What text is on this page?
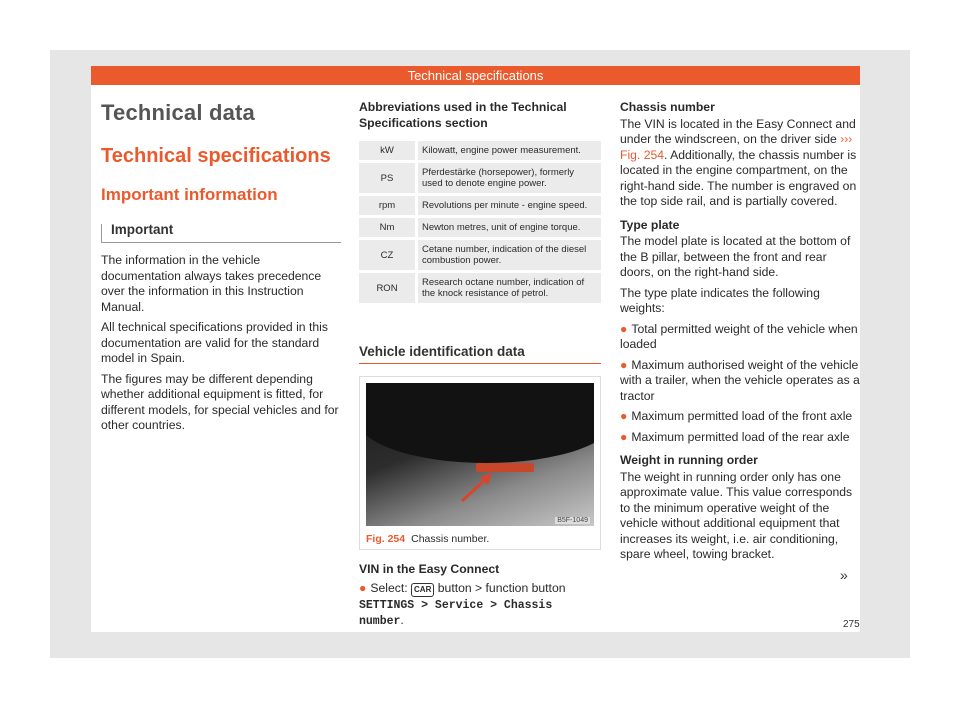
Technical specifications
Technical data
Technical specifications
Important information
Important

The information in the vehicle documentation always takes precedence over the information in this Instruction Manual.

All technical specifications provided in this documentation are valid for the standard model in Spain.

The figures may be different depending whether additional equipment is fitted, for different models, for special vehicles and for other countries.

Abbreviations used in the Technical Specifications section
kW	Kilowatt, engine power measurement.
PS	Pferdestärke (horsepower), formerly used to denote engine power.
rpm	Revolutions per minute - engine speed.
Nm	Newton metres, unit of engine torque.
CZ	Cetane number, indication of the diesel combustion power.
RON	Research octane number, indication of the knock resistance of petrol.
Vehicle identification data
B5F-1049
Fig. 254 Chassis number.

VIN in the Easy Connect

● Select: CAR button > function button SETTINGS > Service > Chassis number.

Chassis number

The VIN is located in the Easy Connect and under the windscreen, on the driver side ››› Fig. 254. Additionally, the chassis number is located in the engine compartment, on the right-hand side. The number is engraved on the top side rail, and is partially covered.

Type plate

The model plate is located at the bottom of the B pillar, between the front and rear doors, on the right-hand side.

The type plate indicates the following weights:

● Total permitted weight of the vehicle when loaded

● Maximum authorised weight of the vehicle with a trailer, when the vehicle operates as a tractor

● Maximum permitted load of the front axle

● Maximum permitted load of the rear axle

Weight in running order

The weight in running order only has one approximate value. This value corresponds to the minimum operative weight of the vehicle without additional equipment that increases its weight, i.e. air conditioning, spare wheel, towing bracket.

»
275
